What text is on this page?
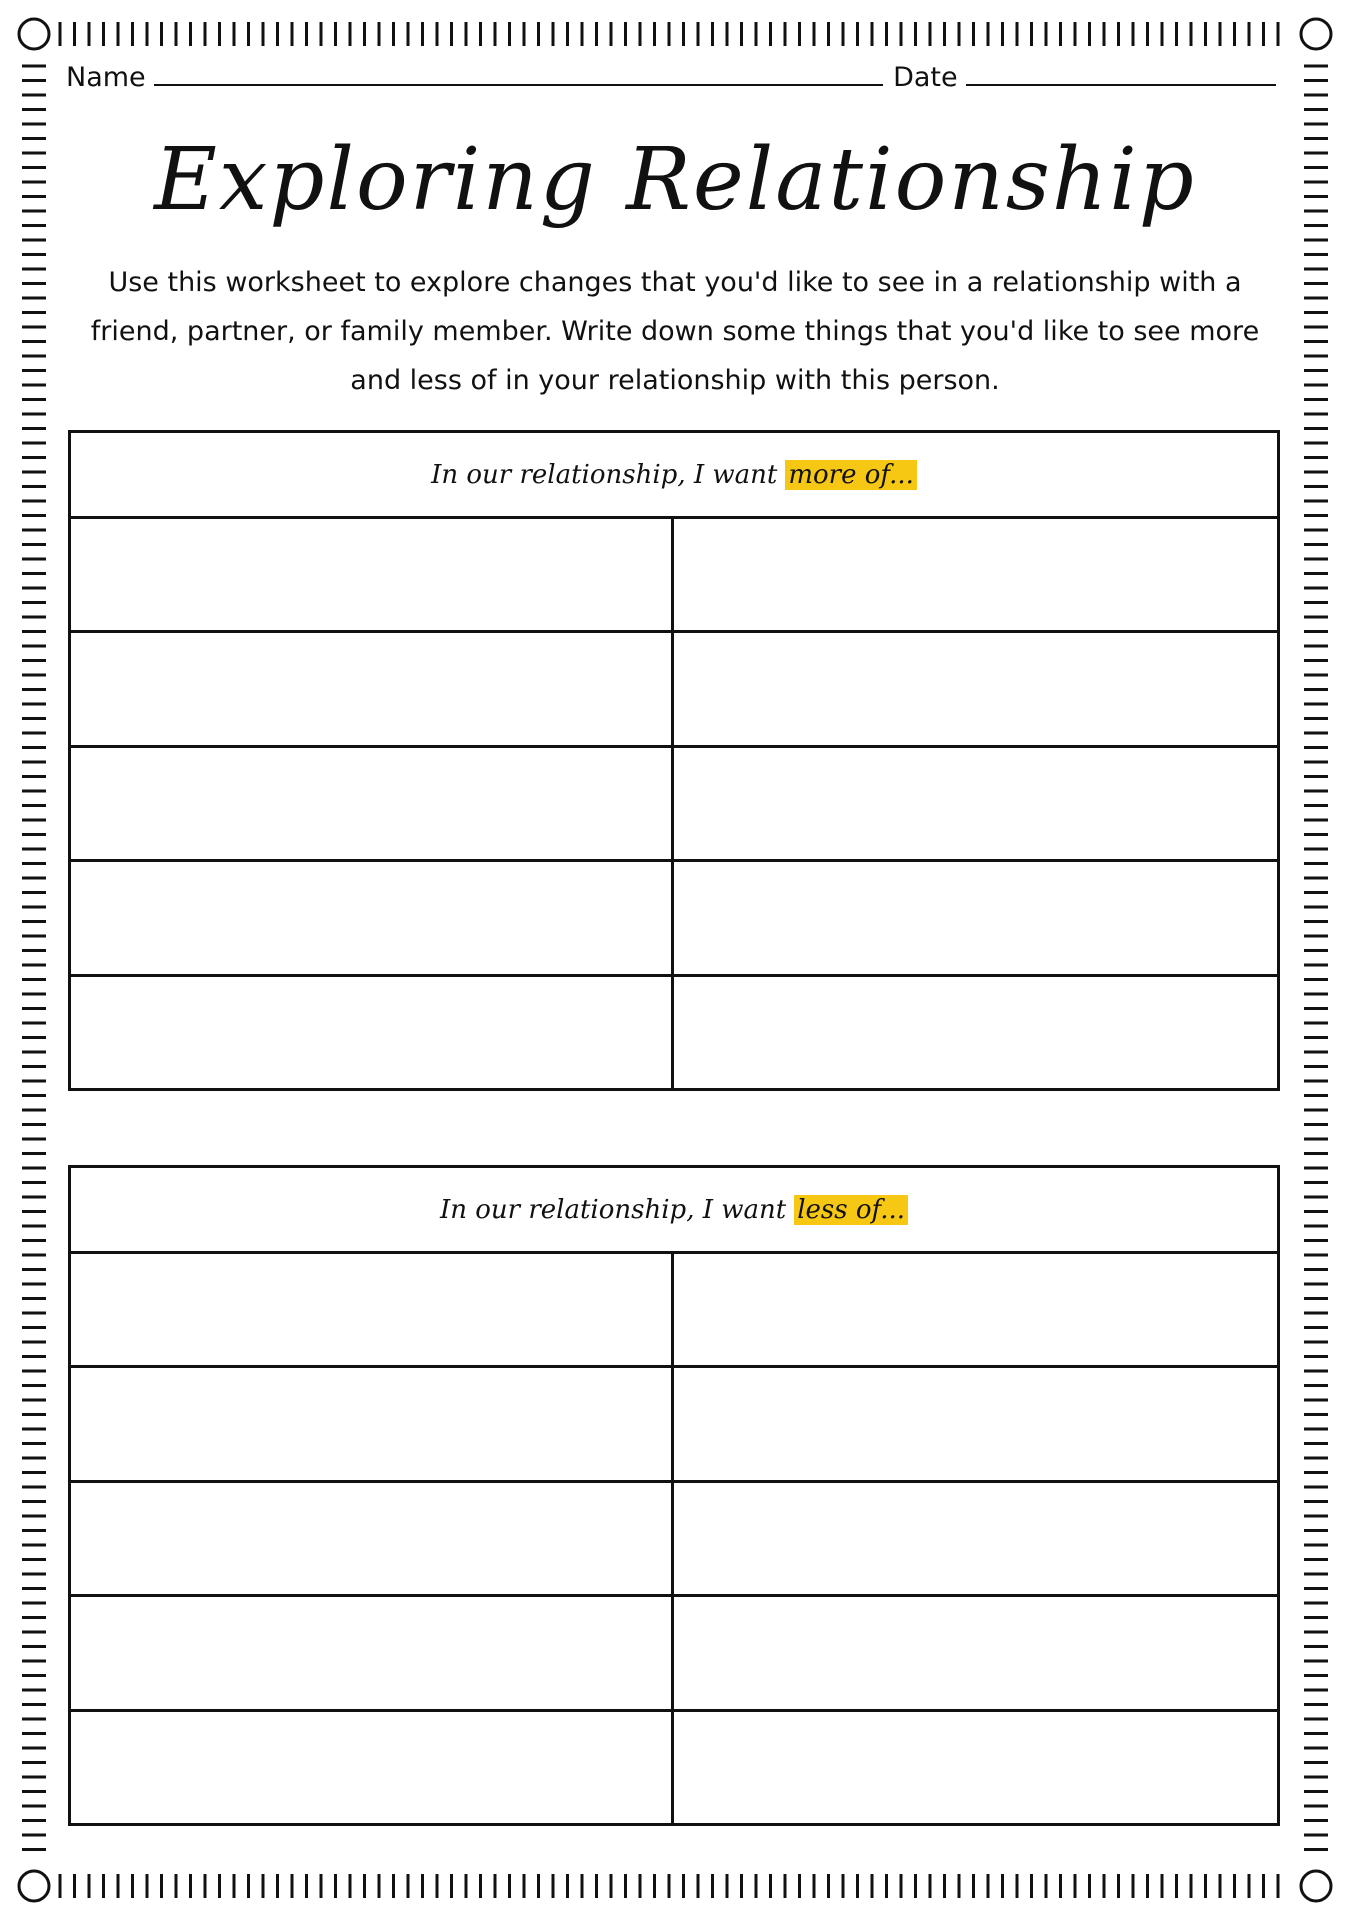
Name	Date
Exploring Relationship
Use this worksheet to explore changes that you'd like to see in a relationship with a friend, partner, or family member. Write down some things that you'd like to see more and less of in your relationship with this person.
In our relationship, I want more of...
In our relationship, I want less of...
